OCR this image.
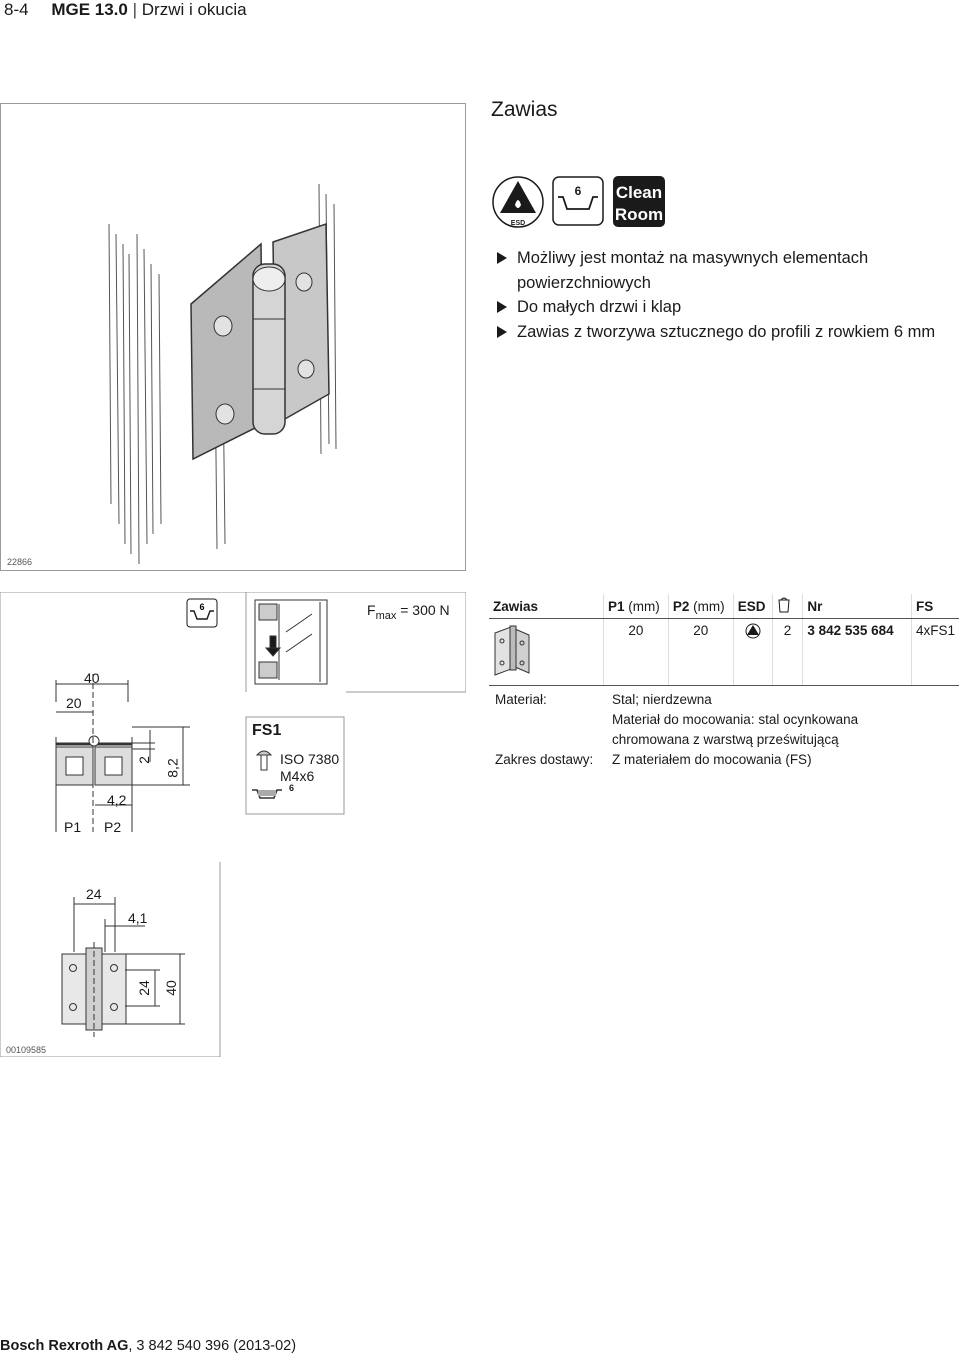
8-4 MGE 13.0 | Drzwi i okucia
22866
Zawias
ESD
6 Clean
Room
Możliwy jest montaż na masywnych elementach powierzchniowych
Do małych drzwi i klap
Zawias z tworzywa sztucznego do profili z rowkiem 6 mm
6
40
20
2 8,2
4,2
P1 P2
FS1
ISO 7380
M4x6
6
24
4,1
24 40
00109585
$F_{max} = 300$ N	Zawias	P1 (mm)	P2 (mm)	ESD		Nr	FS
	20	20		2	3 842 535 684	4xFS1
Materiał:	Stal; nierdzewna
Materiał do mocowania: stal ocynkowana
chromowana z warstwą prześwitującą
Zakres dostawy:	Z materiałem do mocowania (FS)
Bosch Rexroth AG, 3 842 540 396 (2013-02)
